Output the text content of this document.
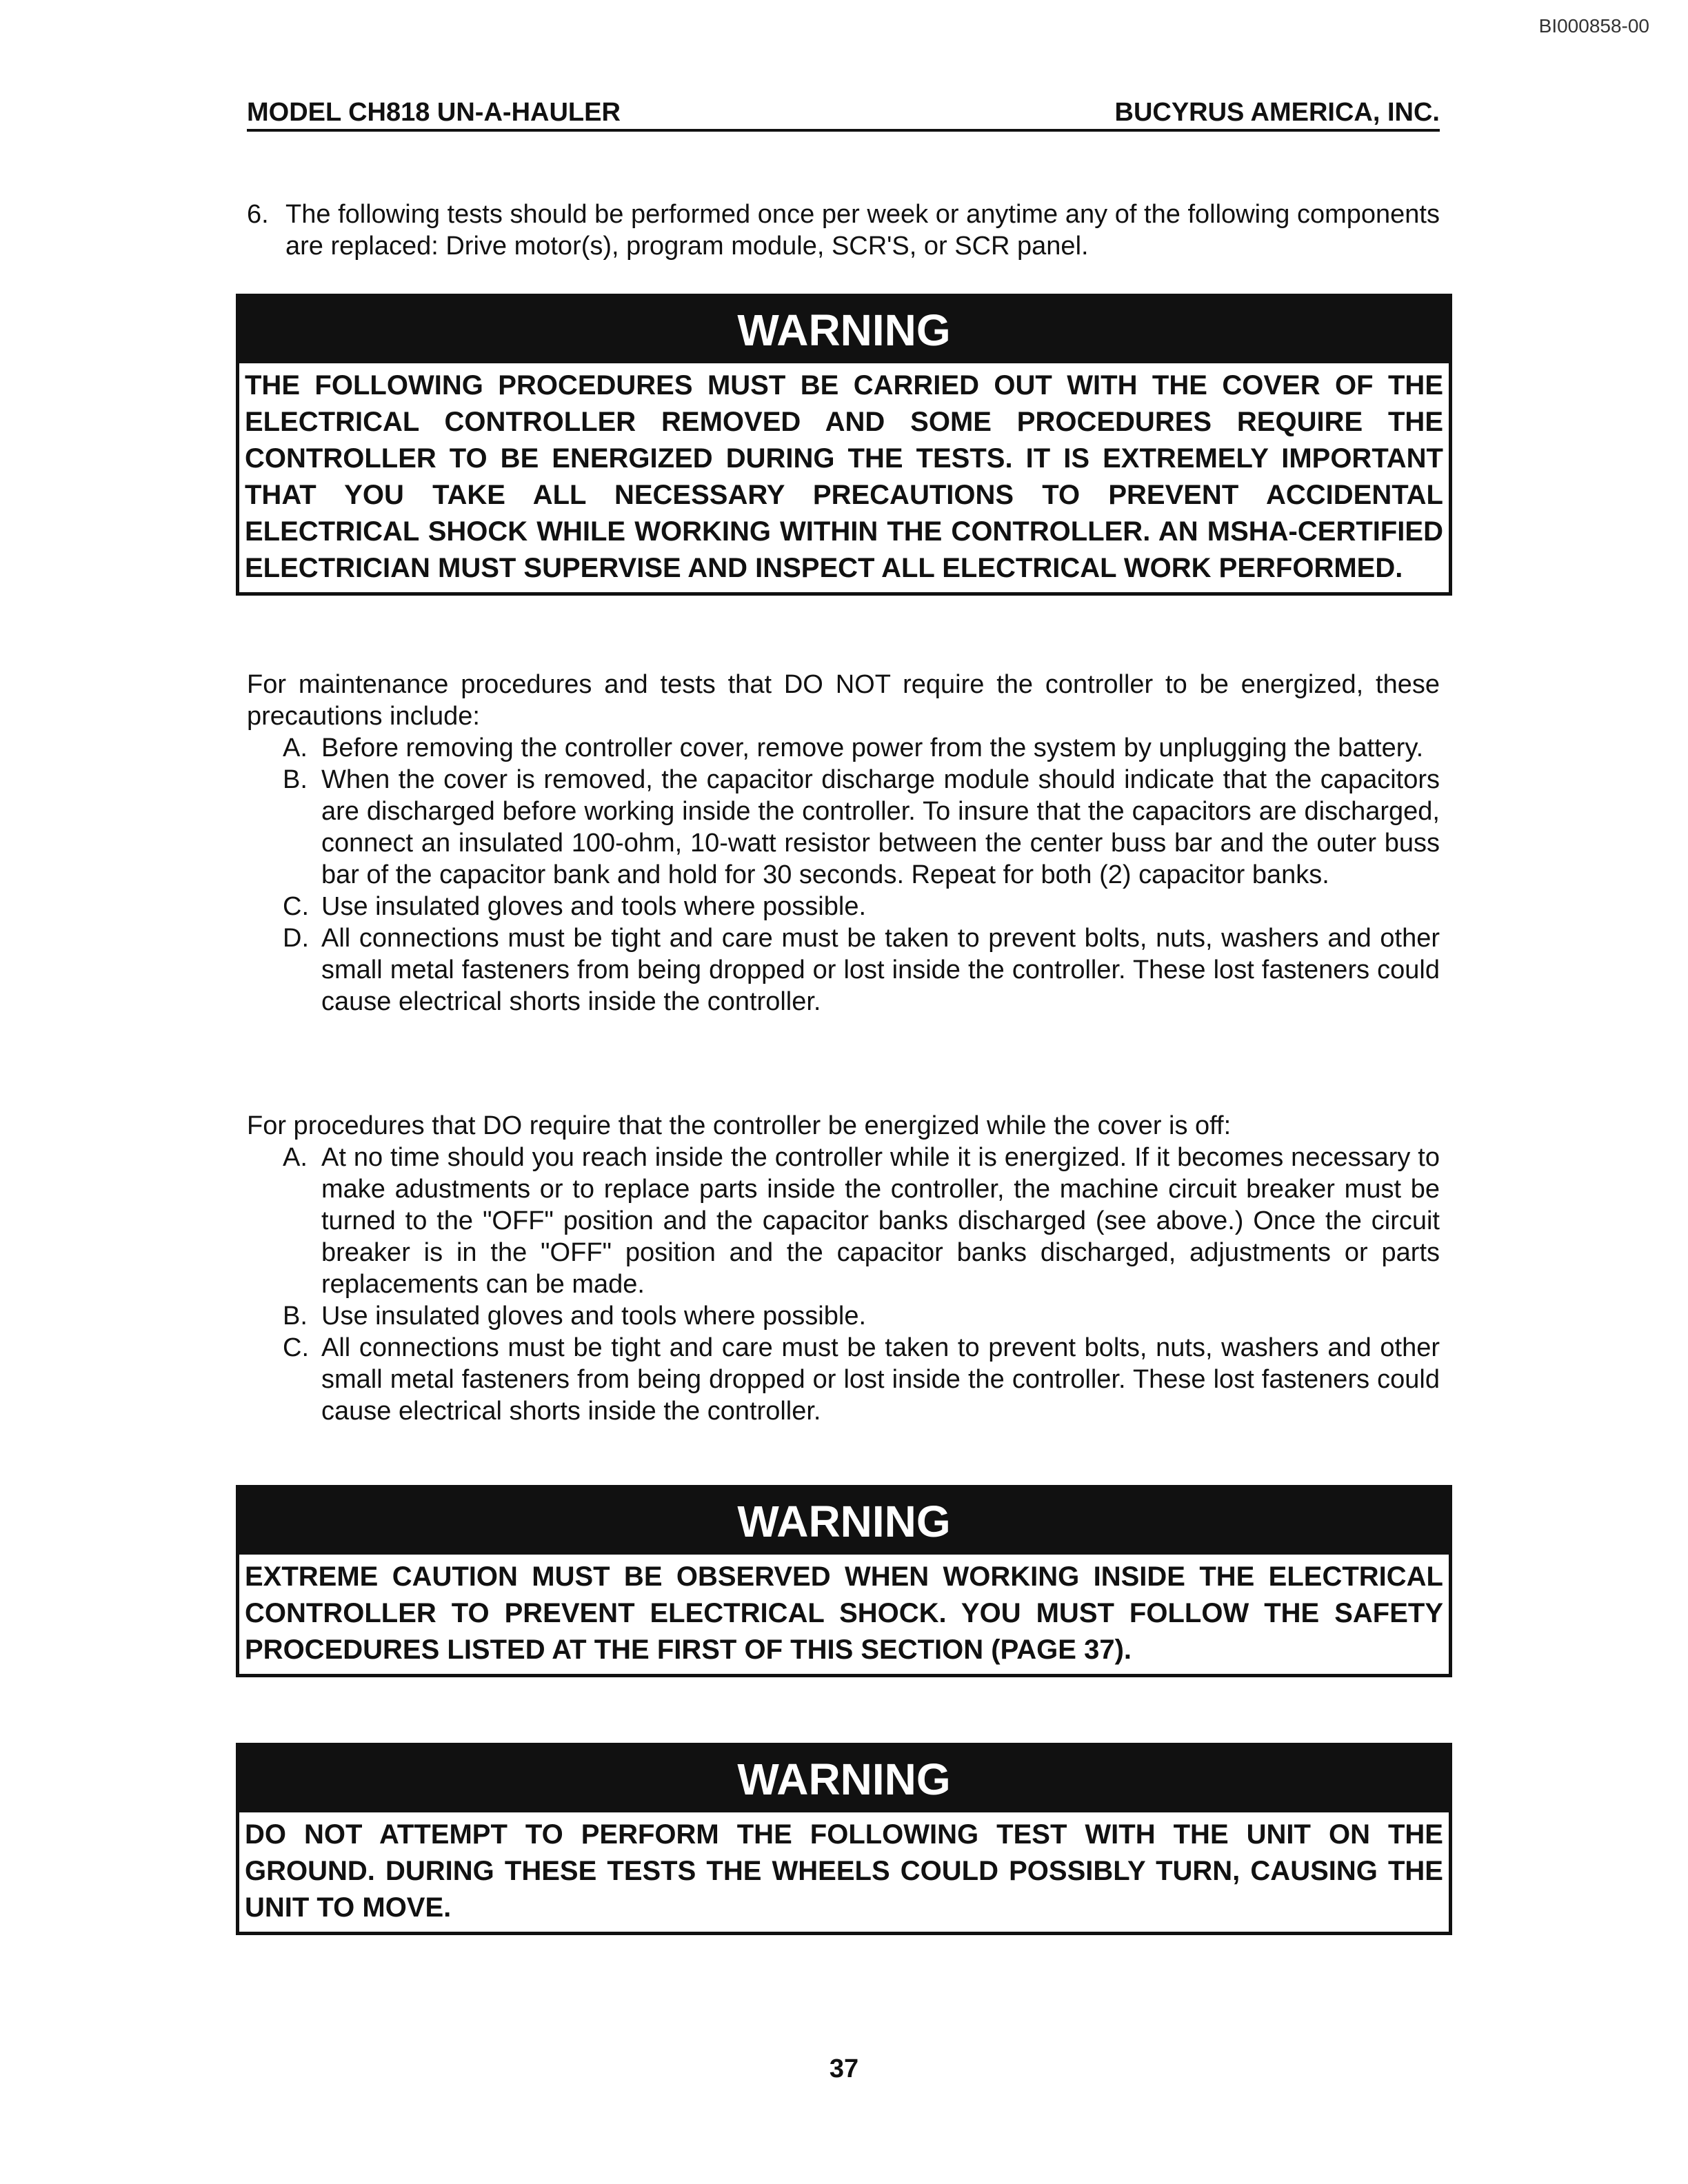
BI000858-00
MODEL CH818 UN-A-HAULER	BUCYRUS AMERICA, INC.
6. The following tests should be performed once per week or anytime any of the following components are replaced: Drive motor(s), program module, SCR'S, or SCR panel.
WARNING
THE FOLLOWING PROCEDURES MUST BE CARRIED OUT WITH THE COVER OF THE ELECTRICAL CONTROLLER REMOVED AND SOME PROCEDURES REQUIRE THE CONTROLLER TO BE ENERGIZED DURING THE TESTS. IT IS EXTREMELY IMPORTANT THAT YOU TAKE ALL NECESSARY PRECAUTIONS TO PREVENT ACCIDENTAL ELECTRICAL SHOCK WHILE WORKING WITHIN THE CONTROLLER. AN MSHA-CERTIFIED ELECTRICIAN MUST SUPERVISE AND INSPECT ALL ELECTRICAL WORK PERFORMED.

For maintenance procedures and tests that DO NOT require the controller to be energized, these precautions include:

A. Before removing the controller cover, remove power from the system by unplugging the battery.
B. When the cover is removed, the capacitor discharge module should indicate that the capacitors are discharged before working inside the controller. To insure that the capacitors are discharged, connect an insulated 100-ohm, 10-watt resistor between the center buss bar and the outer buss bar of the capacitor bank and hold for 30 seconds. Repeat for both (2) capacitor banks.
C. Use insulated gloves and tools where possible.
D. All connections must be tight and care must be taken to prevent bolts, nuts, washers and other small metal fasteners from being dropped or lost inside the controller. These lost fasteners could cause electrical shorts inside the controller.

For procedures that DO require that the controller be energized while the cover is off:

A. At no time should you reach inside the controller while it is energized. If it becomes necessary to make adustments or to replace parts inside the controller, the machine circuit breaker must be turned to the "OFF" position and the capacitor banks discharged (see above.) Once the circuit breaker is in the "OFF" position and the capacitor banks discharged, adjustments or parts replacements can be made.
B. Use insulated gloves and tools where possible.
C. All connections must be tight and care must be taken to prevent bolts, nuts, washers and other small metal fasteners from being dropped or lost inside the controller. These lost fasteners could cause electrical shorts inside the controller.
WARNING
EXTREME CAUTION MUST BE OBSERVED WHEN WORKING INSIDE THE ELECTRICAL CONTROLLER TO PREVENT ELECTRICAL SHOCK. YOU MUST FOLLOW THE SAFETY PROCEDURES LISTED AT THE FIRST OF THIS SECTION (PAGE 37).
WARNING
DO NOT ATTEMPT TO PERFORM THE FOLLOWING TEST WITH THE UNIT ON THE GROUND. DURING THESE TESTS THE WHEELS COULD POSSIBLY TURN, CAUSING THE UNIT TO MOVE.
37
